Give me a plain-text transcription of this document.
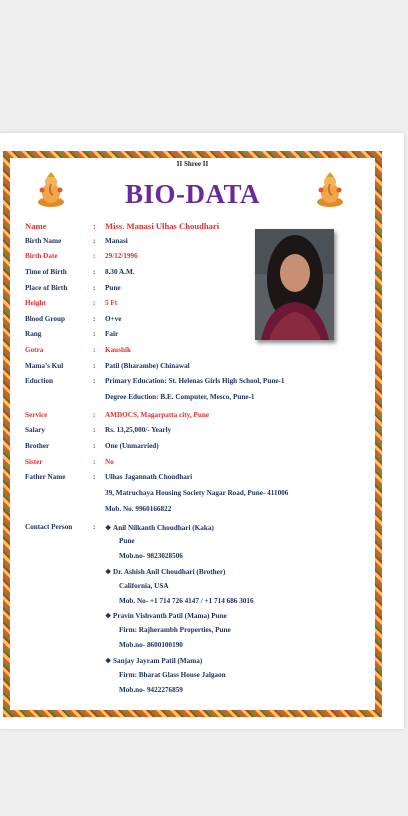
II Shree II
BIO-DATA
Name	: Miss. Manasi Ulhas Choudhari
Birth Name	: Manasi
Birth Date	: 29/12/1996
Time of Birth	: 8.30 A.M.
Place of Birth	: Pune
Height	: 5 Ft
Blood Group	: O+ve
Rang	: Fair
Gotra	: Kaushik
Mama’s Kul	: Patil (Bharambe) Chinawal
Eduction	: Primary Education: St. Helenas Girls High School, Pune-1
Degree Eduction: B.E. Computer, Mesco, Pune-1
Service	: AMDOCS, Magarpatta city, Pune
Salary	: Rs. 13,25,000/- Yearly
Brother	: One (Unmarried)
Sister	: No
Father Name	: Ulhas Jagannath Choudhari
39, Matruchaya Housing Society Nagar Road, Pune- 411006
Mob. No. 9960166822
Contact Person	: ❖ Anil Nilkanth Choudhari (Kaka)
Pune
Mob.no- 9823028506
❖ Dr. Ashish Anil Choudhari (Brother)
California, USA
Mob. No- +1 714 726 4147 / +1 714 686 3016
❖ Pravin Vishvanth Patil (Mama) Pune
Firm: Rajherambh Properties, Pune
Mob.no- 8600100190
❖ Sanjay Jayram Patil (Mama)
Firm: Bharat Glass House Jalgaon
Mob.no- 9422276859
